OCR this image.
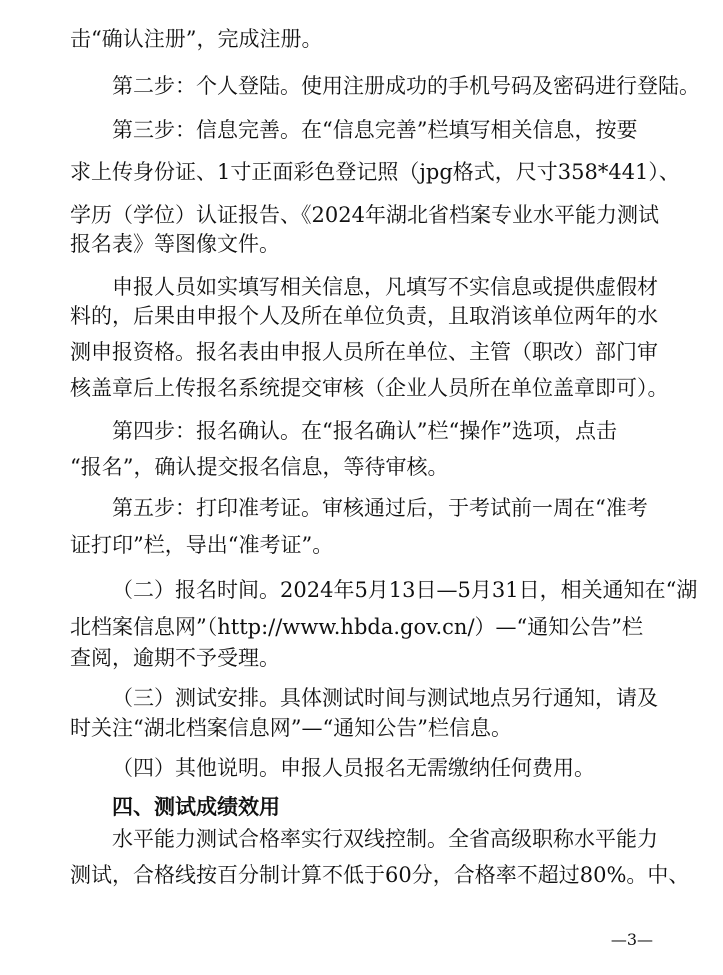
击“确认注册”，完成注册。
第二步：个人登陆。使用注册成功的手机号码及密码进行登陆。
第三步：信息完善。在“信息完善”栏填写相关信息，按要
求上传身份证、1寸正面彩色登记照（jpg格式，尺寸358*441）、
学历（学位）认证报告、《2024年湖北省档案专业水平能力测试
报名表》等图像文件。
申报人员如实填写相关信息，凡填写不实信息或提供虚假材
料的，后果由申报个人及所在单位负责，且取消该单位两年的水
测申报资格。报名表由申报人员所在单位、主管（职改）部门审
核盖章后上传报名系统提交审核（企业人员所在单位盖章即可）。
第四步：报名确认。在“报名确认”栏“操作”选项，点击
“报名”，确认提交报名信息，等待审核。
第五步：打印准考证。审核通过后，于考试前一周在“准考
证打印”栏，导出“准考证”。
（二）报名时间。2024年5月13日—5月31日，相关通知在“湖
北档案信息网”（http://www.hbda.gov.cn/）—“通知公告”栏
查阅，逾期不予受理。
（三）测试安排。具体测试时间与测试地点另行通知，请及
时关注“湖北档案信息网”—“通知公告”栏信息。
（四）其他说明。申报人员报名无需缴纳任何费用。
四、测试成绩效用
水平能力测试合格率实行双线控制。全省高级职称水平能力
测试，合格线按百分制计算不低于60分，合格率不超过80%。中、
—3—
